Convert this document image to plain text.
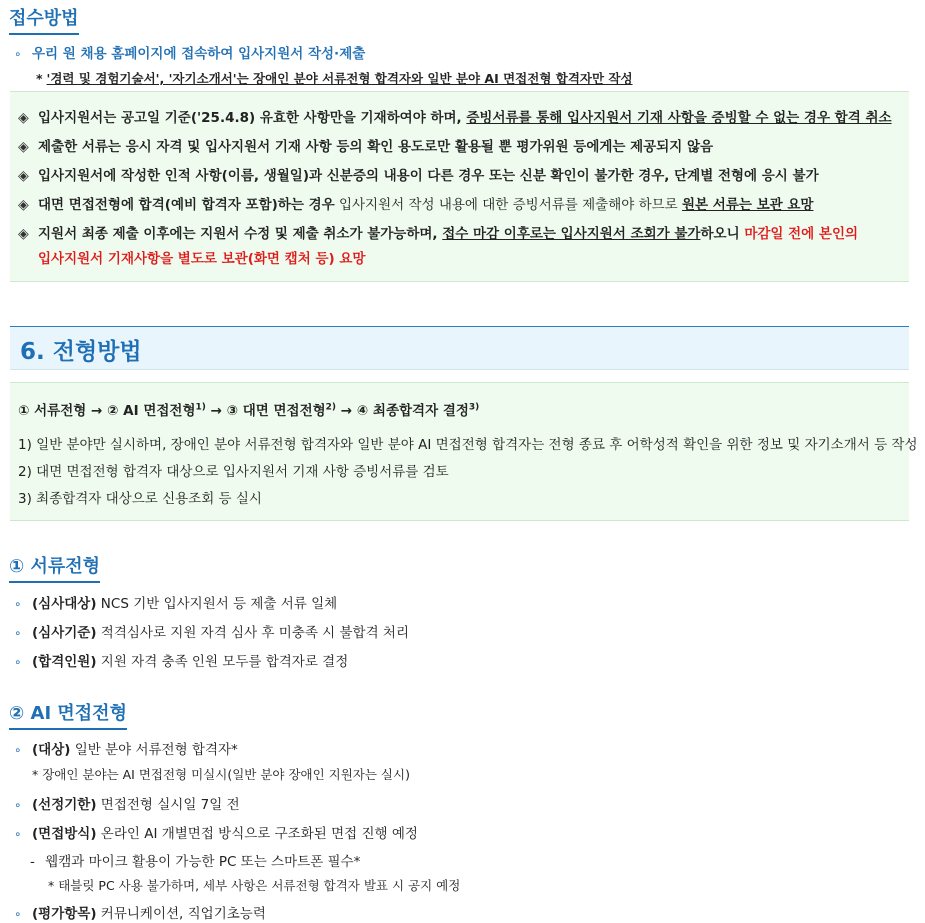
접수방법
∘ 우리 원 채용 홈페이지에 접속하여 입사지원서 작성·제출
* '경력 및 경험기술서', '자기소개서'는 장애인 분야 서류전형 합격자와 일반 분야 AI 면접전형 합격자만 작성
◈ 입사지원서는 공고일 기준('25.4.8) 유효한 사항만을 기재하여야 하며, 증빙서류를 통해 입사지원서 기재 사항을 증빙할 수 없는 경우 합격 취소
◈ 제출한 서류는 응시 자격 및 입사지원서 기재 사항 등의 확인 용도로만 활용될 뿐 평가위원 등에게는 제공되지 않음
◈ 입사지원서에 작성한 인적 사항(이름, 생월일)과 신분증의 내용이 다른 경우 또는 신분 확인이 불가한 경우, 단계별 전형에 응시 불가
◈ 대면 면접전형에 합격(예비 합격자 포함)하는 경우 입사지원서 작성 내용에 대한 증빙서류를 제출해야 하므로 원본 서류는 보관 요망
◈ 지원서 최종 제출 이후에는 지원서 수정 및 제출 취소가 불가능하며, 접수 마감 이후로는 입사지원서 조회가 불가하오니 마감일 전에 본인의
입사지원서 기재사항을 별도로 보관(화면 캡처 등) 요망
6. 전형방법
① 서류전형 → ② AI 면접전형$^{1)}$ → ③ 대면 면접전형$^{2)}$ → ④ 최종합격자 결정$^{3)}$
1) 일반 분야만 실시하며, 장애인 분야 서류전형 합격자와 일반 분야 AI 면접전형 합격자는 전형 종료 후 어학성적 확인을 위한 정보 및 자기소개서 등 작성
2) 대면 면접전형 합격자 대상으로 입사지원서 기재 사항 증빙서류를 검토
3) 최종합격자 대상으로 신용조회 등 실시
① 서류전형
∘ (심사대상) NCS 기반 입사지원서 등 제출 서류 일체
∘ (심사기준) 적격심사로 지원 자격 심사 후 미충족 시 불합격 처리
∘ (합격인원) 지원 자격 충족 인원 모두를 합격자로 결정
② AI 면접전형
∘ (대상) 일반 분야 서류전형 합격자*
* 장애인 분야는 AI 면접전형 미실시(일반 분야 장애인 지원자는 실시)
∘ (선정기한) 면접전형 실시일 7일 전
∘ (면접방식) 온라인 AI 개별면접 방식으로 구조화된 면접 진행 예정
- 웹캠과 마이크 활용이 가능한 PC 또는 스마트폰 필수*
* 태블릿 PC 사용 불가하며, 세부 사항은 서류전형 합격자 발표 시 공지 예정
∘ (평가항목) 커뮤니케이션, 직업기초능력
